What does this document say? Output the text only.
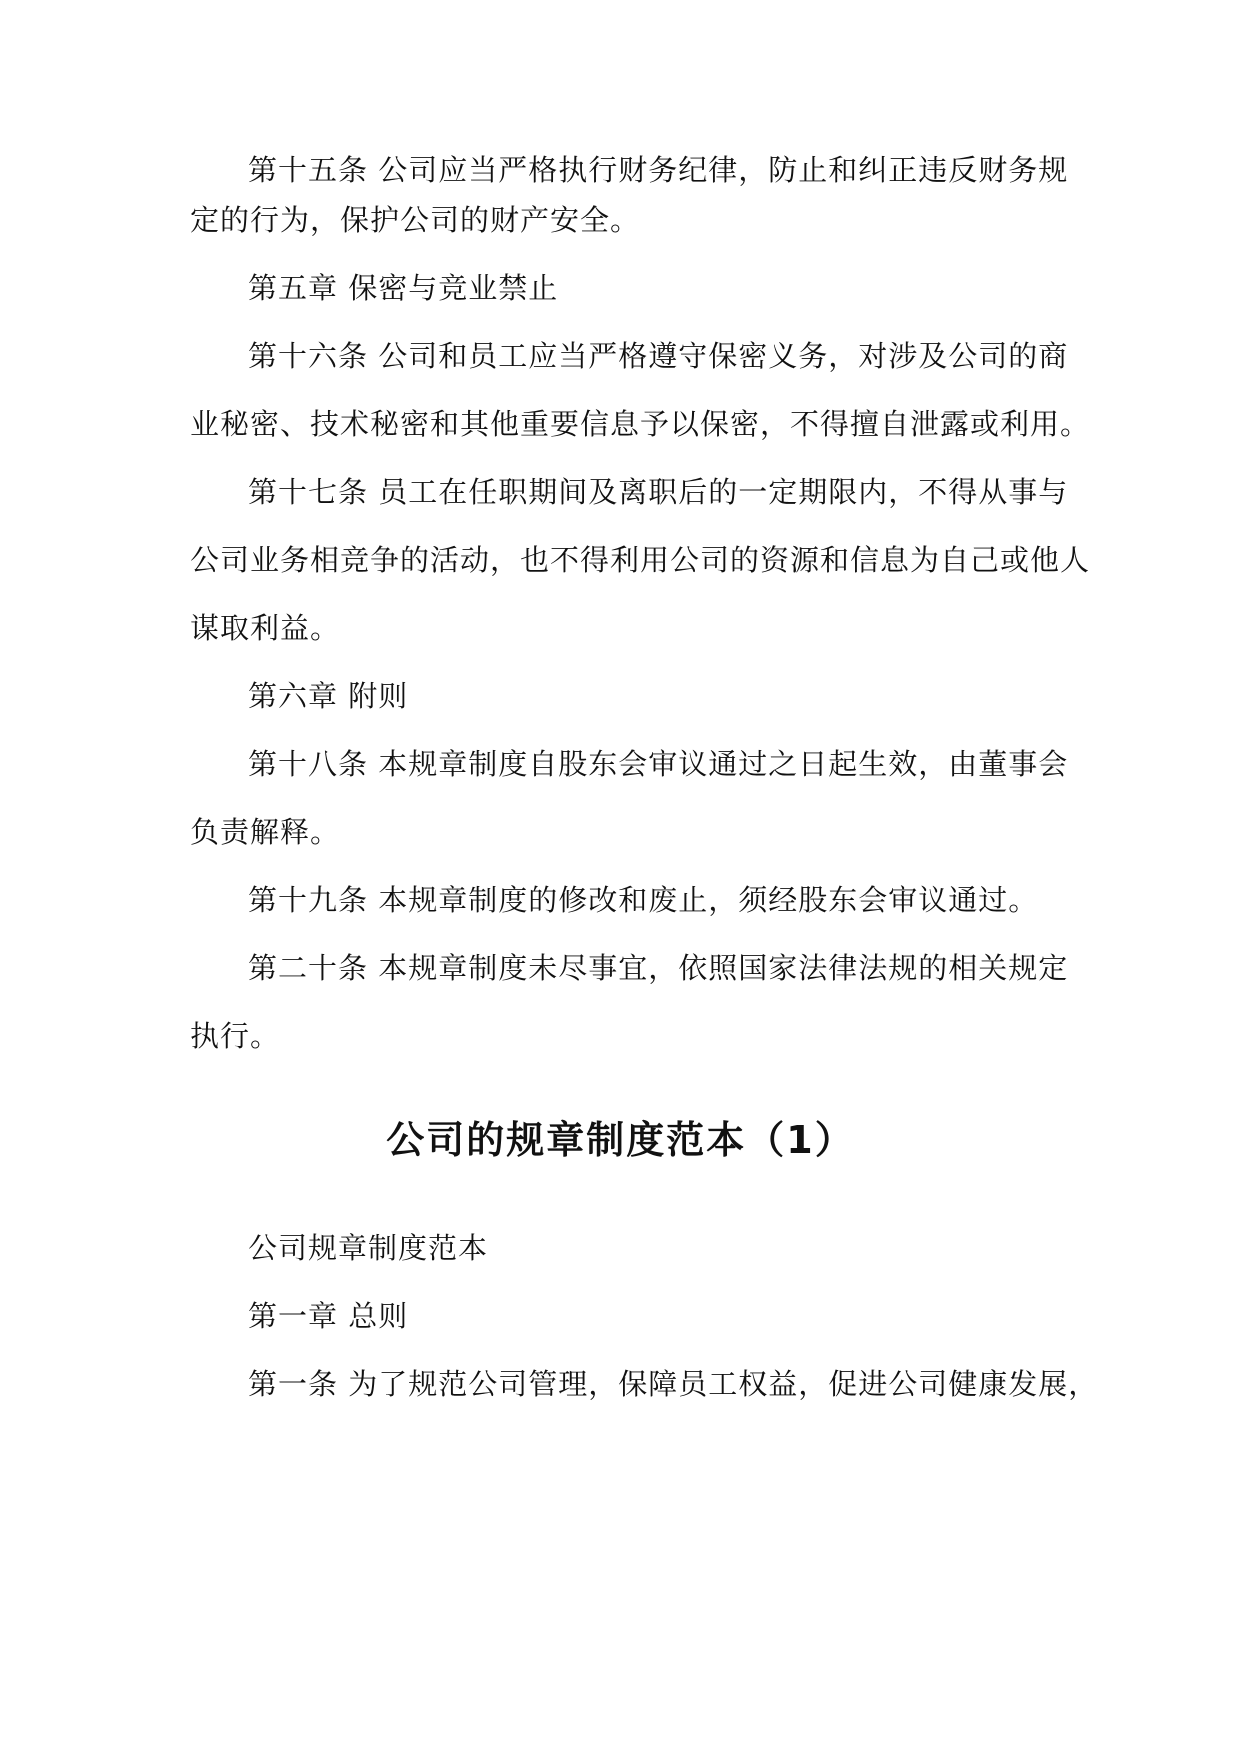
第十五条 公司应当严格执行财务纪律，防止和纠正违反财务规
定的行为，保护公司的财产安全。
第五章 保密与竞业禁止
第十六条 公司和员工应当严格遵守保密义务，对涉及公司的商
业秘密、技术秘密和其他重要信息予以保密，不得擅自泄露或利用。
第十七条 员工在任职期间及离职后的一定期限内，不得从事与
公司业务相竞争的活动，也不得利用公司的资源和信息为自己或他人
谋取利益。
第六章 附则
第十八条 本规章制度自股东会审议通过之日起生效，由董事会
负责解释。
第十九条 本规章制度的修改和废止，须经股东会审议通过。
第二十条 本规章制度未尽事宜，依照国家法律法规的相关规定
执行。
公司的规章制度范本（1）
公司规章制度范本
第一章 总则
第一条 为了规范公司管理，保障员工权益，促进公司健康发展，
